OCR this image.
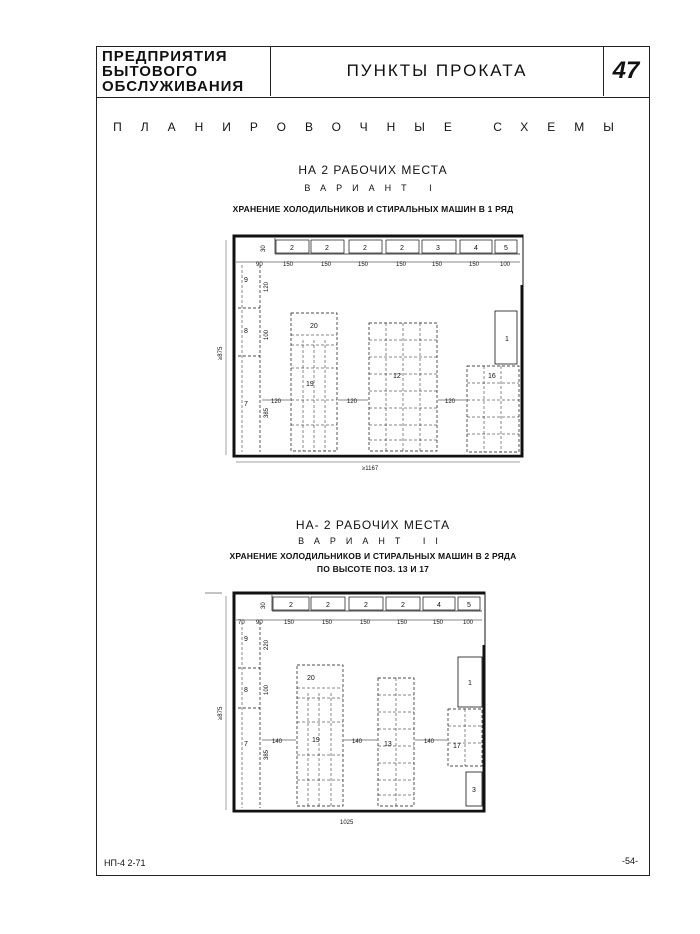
ПРЕДПРИЯТИЯ
БЫТОВОГО
ОБСЛУЖИВАНИЯ
ПУНКТЫ ПРОКАТА	47
ПЛАНИРОВОЧНЫЕ СХЕМЫ
НА 2 РАБОЧИХ МЕСТА
ВАРИАНТ I
ХРАНЕНИЕ ХОЛОДИЛЬНИКОВ И СТИРАЛЬНЫХ МАШИН В 1 РЯД
НА- 2 РАБОЧИХ МЕСТА
ВАРИАНТ II
ХРАНЕНИЕ ХОЛОДИЛЬНИКОВ И СТИРАЛЬНЫХ МАШИН В 2 РЯДА
ПО ВЫСОТЕ ПОЗ. 13 И 17
2	2	2	2	3	4	5
30
90	150	150	150	150	150	150	100
9
8
7
120
100
385
20
19
12	16
1
120	120	120
≥875
≥1167
2	2	2	2	4	5
30
70 90	150	150	150	150	150	100
9
8
7
220
100
385
20
19
13	17
1
3
140	140	140
≥875
1025
НП-4 2-71	-54-
